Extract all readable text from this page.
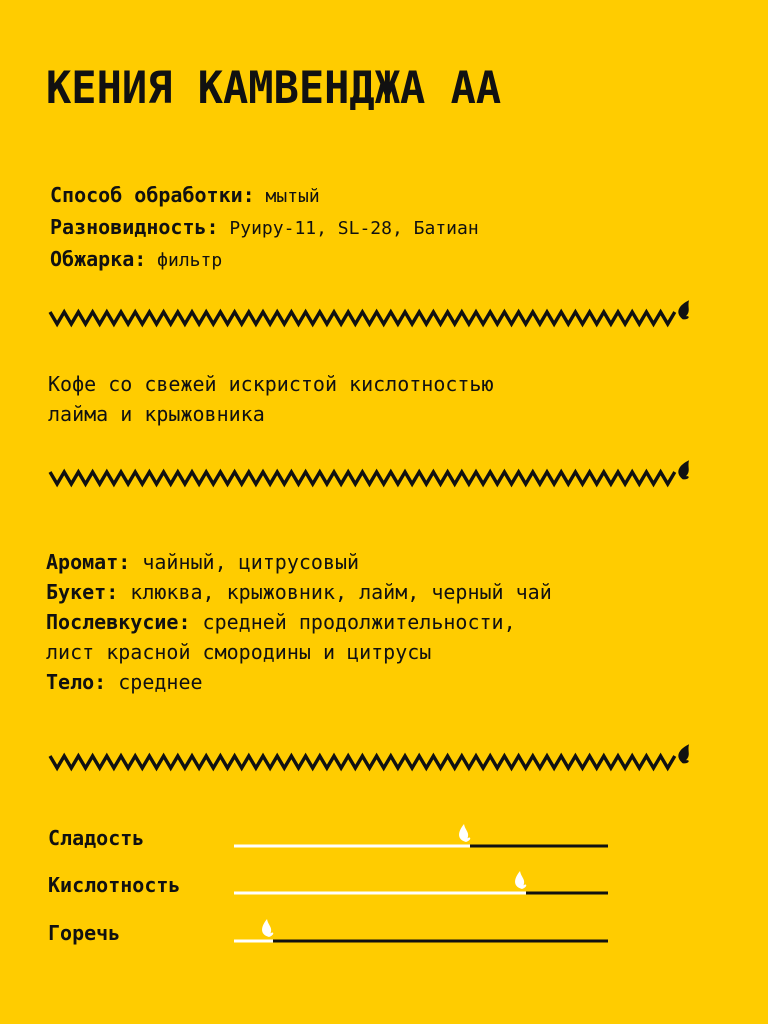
КЕНИЯ КАМВЕНДЖА АА
Способ обработки: мытый
Разновидность: Руиру-11, SL-28, Батиан
Обжарка: фильтр
Кофе со свежей искристой кислотностью
лайма и крыжовника
Аромат: чайный, цитрусовый
Букет: клюква, крыжовник, лайм, черный чай
Послевкусие: средней продолжительности,
лист красной смородины и цитрусы
Тело: среднее
Сладость
Кислотность
Горечь
